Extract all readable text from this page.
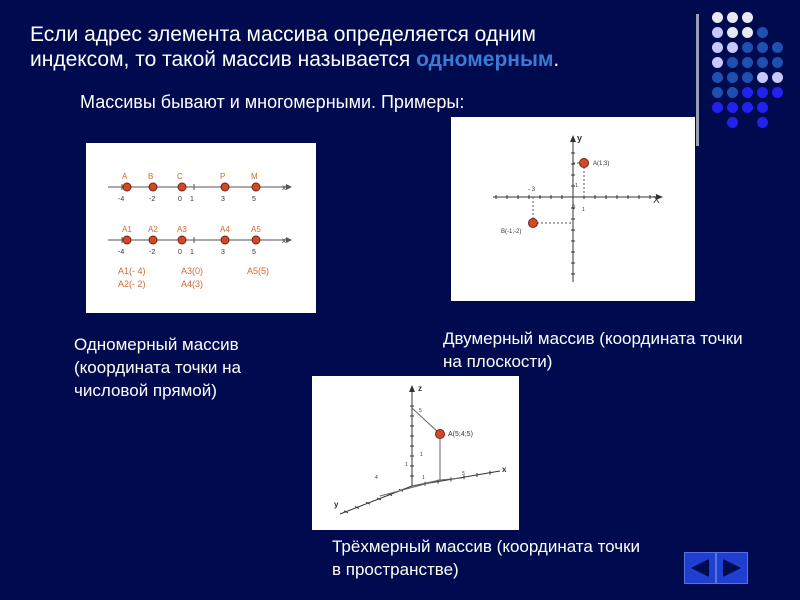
Если адрес элемента массива определяется одним индексом, то такой массив называется одномерным.
Массивы бывают и многомерными. Примеры:
x
-4	-2	0 1	3	5
A	B	C	P	M
x
-4	-2	0 1	3	5
A1 A2 A3	A4	A5
A1(- 4)
A2(- 2)
A3(0)
A4(3)
A5(5)
Одномерный массив (координата точки на числовой прямой)
X
y
0
- 3
1
1
A(1;3)
B(-1;-2)
Двумерный массив (координата точки на плоскости)
A(5;4;5)
z
x
y
5
4
1
1
1
5
Трёхмерный массив (координата точки в пространстве)
